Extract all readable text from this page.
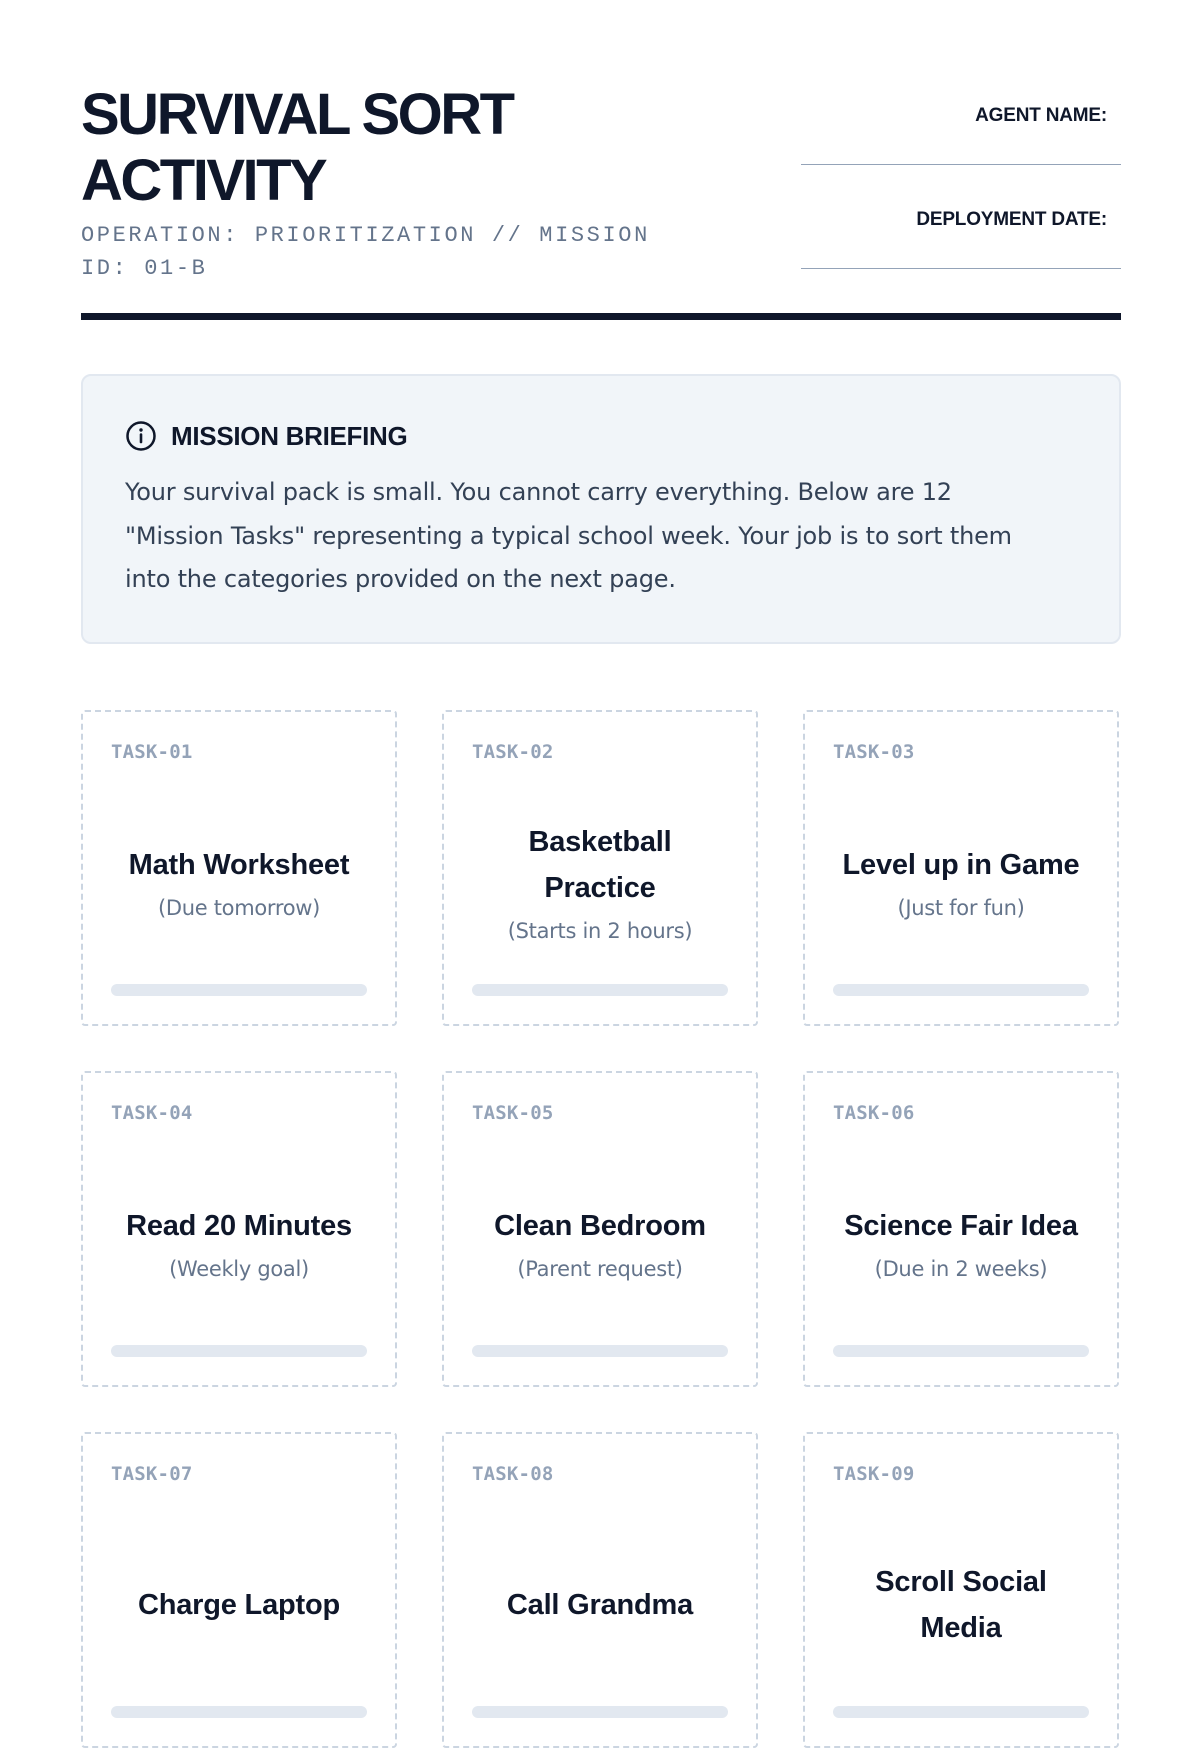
SURVIVAL SORT ACTIVITY
OPERATION: PRIORITIZATION // MISSION ID: 01-B
AGENT NAME:
DEPLOYMENT DATE:
MISSION BRIEFING

Your survival pack is small. You cannot carry everything. Below are 12 "Mission Tasks" representing a typical school week. Your job is to sort them into the categories provided on the next page.

TASK-01
Math Worksheet
(Due tomorrow)
TASK-02
Basketball Practice
(Starts in 2 hours)
TASK-03
Level up in Game
(Just for fun)
TASK-04
Read 20 Minutes
(Weekly goal)
TASK-05
Clean Bedroom
(Parent request)
TASK-06
Science Fair Idea
(Due in 2 weeks)
TASK-07
Charge Laptop
TASK-08
Call Grandma
TASK-09
Scroll Social Media
